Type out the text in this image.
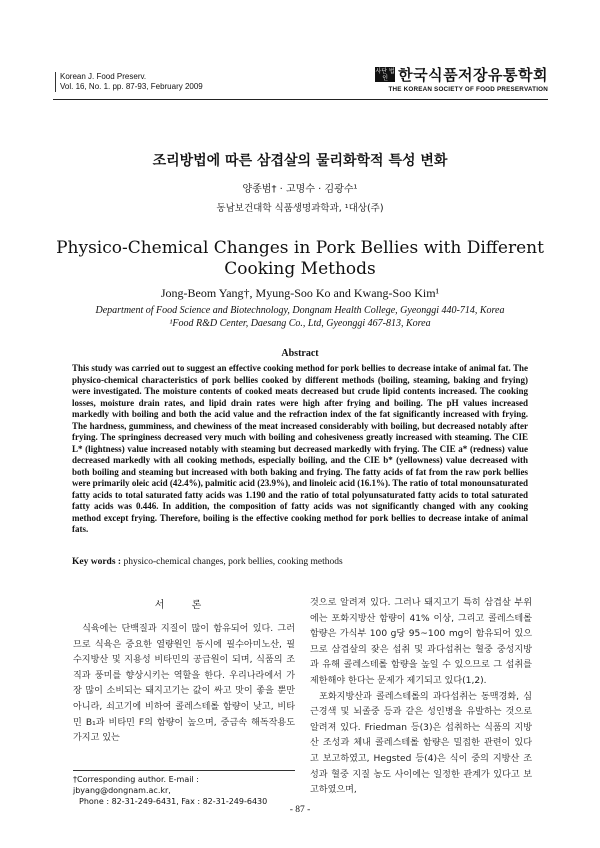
Korean J. Food Preserv.
Vol. 16, No. 1. pp. 87-93, February 2009
사단 법인 한국식품저장유통학회
THE KOREAN SOCIETY OF FOOD PRESERVATION
조리방법에 따른 삼겹살의 물리화학적 특성 변화
양종범† · 고명수 · 김광수¹
동남보건대학 식품생명과학과, ¹대상(주)
Physico-Chemical Changes in Pork Bellies with Different
Cooking Methods
Jong-Beom Yang†, Myung-Soo Ko and Kwang-Soo Kim¹
Department of Food Science and Biotechnology, Dongnam Health College, Gyeonggi 440-714, Korea
¹Food R&D Center, Daesang Co., Ltd, Gyeonggi 467-813, Korea
Abstract
This study was carried out to suggest an effective cooking method for pork bellies to decrease intake of animal fat. The physico-chemical characteristics of pork bellies cooked by different methods (boiling, steaming, baking and frying) were investigated. The moisture contents of cooked meats decreased but crude lipid contents increased. The cooking losses, moisture drain rates, and lipid drain rates were high after frying and boiling. The pH values increased markedly with boiling and both the acid value and the refraction index of the fat significantly increased with frying. The hardness, gumminess, and chewiness of the meat increased considerably with boiling, but decreased notably after frying. The springiness decreased very much with boiling and cohesiveness greatly increased with steaming. The CIE L* (lightness) value increased notably with steaming but decreased markedly with frying. The CIE a* (redness) value decreased markedly with all cooking methods, especially boiling, and the CIE b* (yellowness) value decreased with both boiling and steaming but increased with both baking and frying. The fatty acids of fat from the raw pork bellies were primarily oleic acid (42.4%), palmitic acid (23.9%), and linoleic acid (16.1%). The ratio of total monounsaturated fatty acids to total saturated fatty acids was 1.190 and the ratio of total polyunsaturated fatty acids to total saturated fatty acids was 0.446. In addition, the composition of fatty acids was not significantly changed with any cooking method except frying. Therefore, boiling is the effective cooking method for pork bellies to decrease intake of animal fats.
Key words : physico-chemical changes, pork bellies, cooking methods
서 론

식육에는 단백질과 지질이 많이 함유되어 있다. 그러므로 식육은 중요한 열량원인 동시에 필수아미노산, 필수지방산 및 지용성 비타민의 공급원이 되며, 식품의 조직과 풍미를 향상시키는 역할을 한다. 우리나라에서 가장 많이 소비되는 돼지고기는 값이 싸고 맛이 좋을 뿐만 아니라, 쇠고기에 비하여 콜레스테롤 함량이 낮고, 비타민 B₁과 비타민 F의 함량이 높으며, 중금속 해독작용도 가지고 있는

것으로 알려져 있다. 그러나 돼지고기 특히 삼겹살 부위에는 포화지방산 함량이 41% 이상, 그리고 콜레스테롤 함량은 가식부 100 g당 95~100 mg이 함유되어 있으므로 삼겹살의 잦은 섭취 및 과다섭취는 혈중 중성지방과 유해 콜레스테롤 함량을 높일 수 있으므로 그 섭취를 제한해야 한다는 문제가 제기되고 있다(1,2).

포화지방산과 콜레스테롤의 과다섭취는 동맥경화, 심근경색 및 뇌졸중 등과 같은 성인병을 유발하는 것으로 알려져 있다. Friedman 등(3)은 섭취하는 식품의 지방산 조성과 체내 콜레스테롤 함량은 밀접한 관련이 있다고 보고하였고, Hegsted 등(4)은 식이 중의 지방산 조성과 혈중 지질 농도 사이에는 일정한 관계가 있다고 보고하였으며,

†Corresponding author. E-mail : jbyang@dongnam.ac.kr,
Phone : 82-31-249-6431, Fax : 82-31-249-6430
- 87 -
